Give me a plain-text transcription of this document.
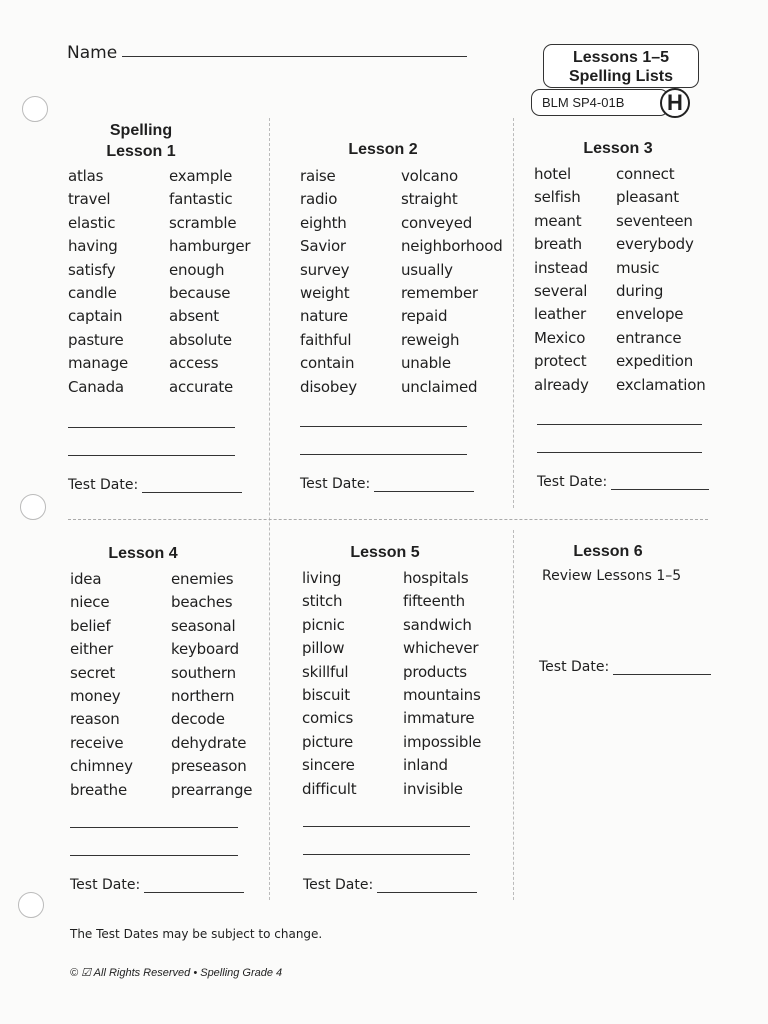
Name	Lessons 1–5
Spelling Lists
BLM SP4-01B	H
Spelling
Lesson 1
atlas	example
travel	fantastic
elastic	scramble
having	hamburger
satisfy	enough
candle	because
captain	absent
pasture	absolute
manage	access
Canada	accurate
Test Date:
Lesson 2
raise	volcano
radio	straight
eighth	conveyed
Savior	neighborhood
survey	usually
weight	remember
nature	repaid
faithful	reweigh
contain	unable
disobey	unclaimed
Test Date:
Lesson 3
hotel	connect
selfish	pleasant
meant	seventeen
breath	everybody
instead	music
several	during
leather	envelope
Mexico	entrance
protect	expedition
already	exclamation
Test Date:
Lesson 4
idea	enemies
niece	beaches
belief	seasonal
either	keyboard
secret	southern
money	northern
reason	decode
receive	dehydrate
chimney	preseason
breathe	prearrange
Test Date:
Lesson 5
living	hospitals
stitch	fifteenth
picnic	sandwich
pillow	whichever
skillful	products
biscuit	mountains
comics	immature
picture	impossible
sincere	inland
difficult	invisible
Test Date:
Lesson 6
Review Lessons 1–5
Test Date:
The Test Dates may be subject to change.
© ☑ All Rights Reserved • Spelling Grade 4
